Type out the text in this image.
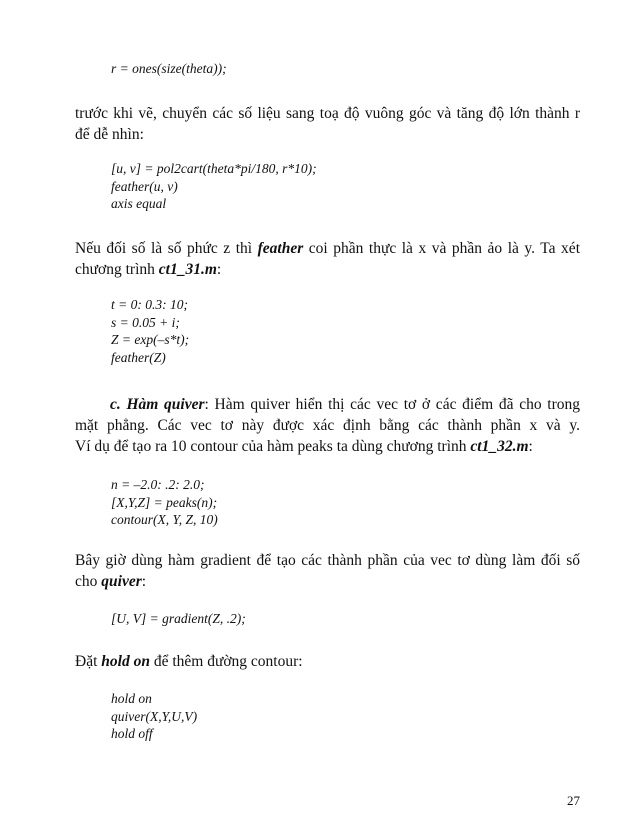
r = ones(size(theta));
trước khi vẽ, chuyển các số liệu sang toạ độ vuông góc và tăng độ lớn thành r
để dễ nhìn:
[u, v] = pol2cart(theta*pi/180, r*10);
feather(u, v)
axis equal
Nếu đối số là số phức z thì feather coi phần thực là x và phần ảo là y. Ta xét
chương trình ct1_31.m:
t = 0: 0.3: 10;
s = 0.05 + i;
Z = exp(–s*t);
feather(Z)
c. Hàm quiver: Hàm quiver hiển thị các vec tơ ở các điểm đã cho trong
mặt phẳng. Các vec tơ này được xác định bằng các thành phần x và y.
Ví dụ để tạo ra 10 contour của hàm peaks ta dùng chương trình ct1_32.m:
n = –2.0: .2: 2.0;
[X,Y,Z] = peaks(n);
contour(X, Y, Z, 10)
Bây giờ dùng hàm gradient để tạo các thành phần của vec tơ dùng làm đối số
cho quiver:
[U, V] = gradient(Z, .2);
Đặt hold on để thêm đường contour:
hold on
quiver(X,Y,U,V)
hold off
27
